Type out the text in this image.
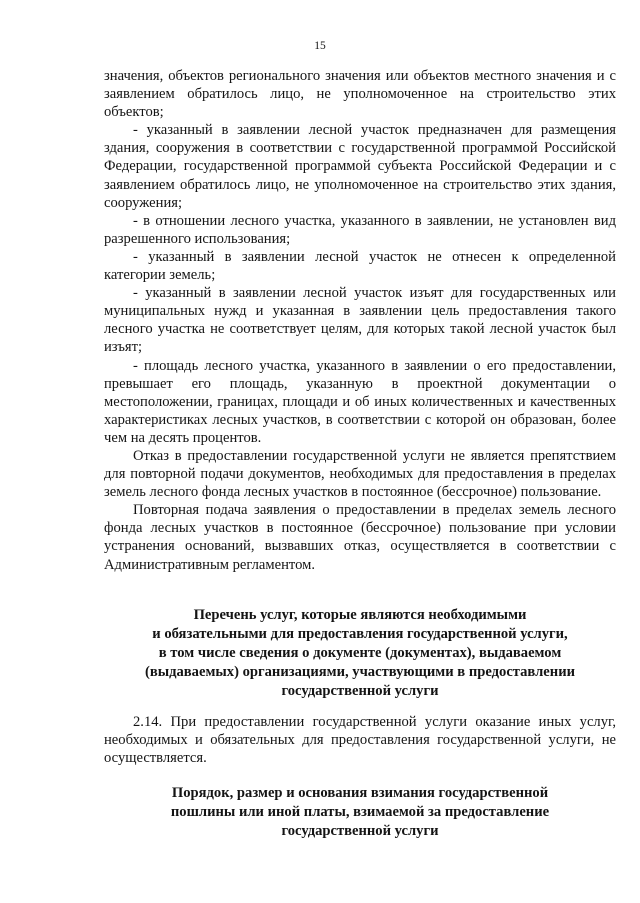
15

значения, объектов регионального значения или объектов местного значения и с заявлением обратилось лицо, не уполномоченное на строительство этих объектов;

- указанный в заявлении лесной участок предназначен для размещения здания, сооружения в соответствии с государственной программой Российской Федерации, государственной программой субъекта Российской Федерации и с заявлением обратилось лицо, не уполномоченное на строительство этих здания, сооружения;

- в отношении лесного участка, указанного в заявлении, не установлен вид разрешенного использования;

- указанный в заявлении лесной участок не отнесен к определенной категории земель;

- указанный в заявлении лесной участок изъят для государственных или муниципальных нужд и указанная в заявлении цель предоставления такого лесного участка не соответствует целям, для которых такой лесной участок был изъят;

- площадь лесного участка, указанного в заявлении о его предоставлении, превышает его площадь, указанную в проектной документации о местоположении, границах, площади и об иных количественных и качественных характеристиках лесных участков, в соответствии с которой он образован, более чем на десять процентов.

Отказ в предоставлении государственной услуги не является препятствием для повторной подачи документов, необходимых для предоставления в пределах земель лесного фонда лесных участков в постоянное (бессрочное) пользование.

Повторная подача заявления о предоставлении в пределах земель лесного фонда лесных участков в постоянное (бессрочное) пользование при условии устранения оснований, вызвавших отказ, осуществляется в соответствии с Административным регламентом.

Перечень услуг, которые являются необходимыми
и обязательными для предоставления государственной услуги,
в том числе сведения о документе (документах), выдаваемом
(выдаваемых) организациями, участвующими в предоставлении
государственной услуги

2.14. При предоставлении государственной услуги оказание иных услуг, необходимых и обязательных для предоставления государственной услуги, не осуществляется.

Порядок, размер и основания взимания государственной
пошлины или иной платы, взимаемой за предоставление
государственной услуги
